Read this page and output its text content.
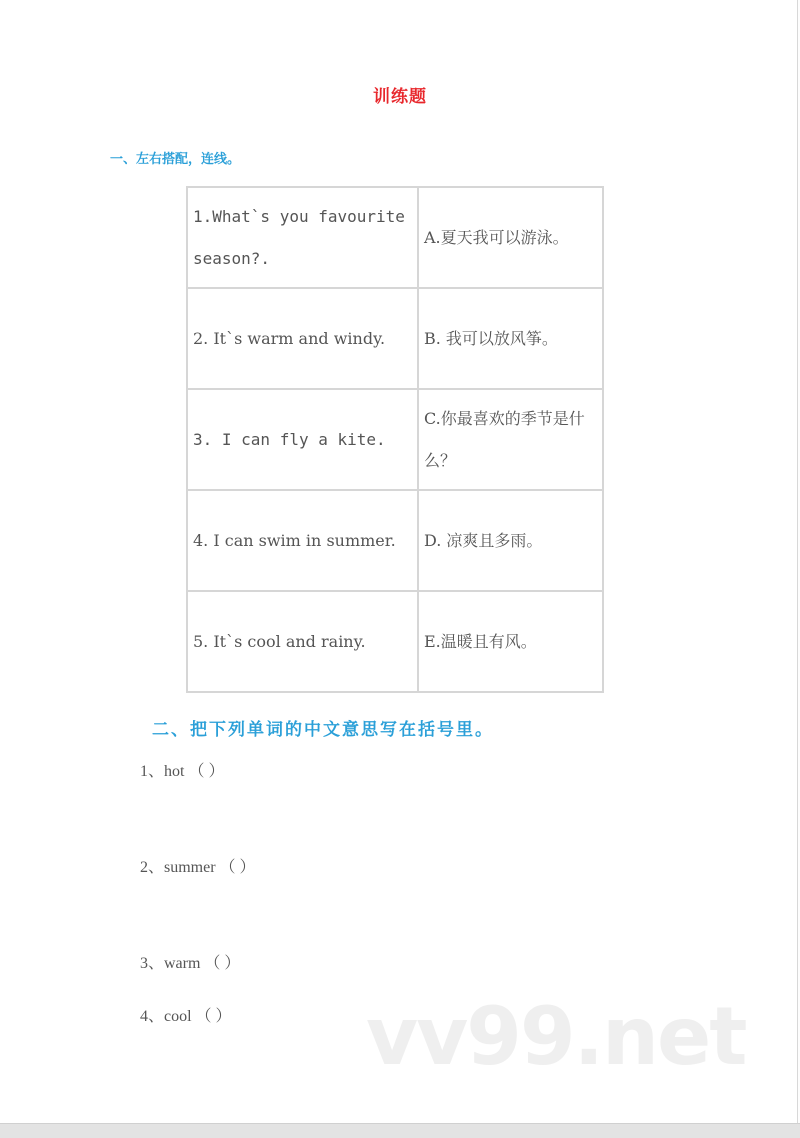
训练题
一、左右搭配，连线。
1.What`s you favourite season?.	A.夏天我可以游泳。
2. It`s warm and windy.	B. 我可以放风筝。
3. I can fly a kite.	C.你最喜欢的季节是什么？
4. I can swim in summer.	D. 凉爽且多雨。
5. It`s cool and rainy.	E.温暖且有风。
二、把下列单词的中文意思写在括号里。
1、hot （ ）
2、summer （ ）
3、warm （ ）
4、cool （ ） vv99.net
